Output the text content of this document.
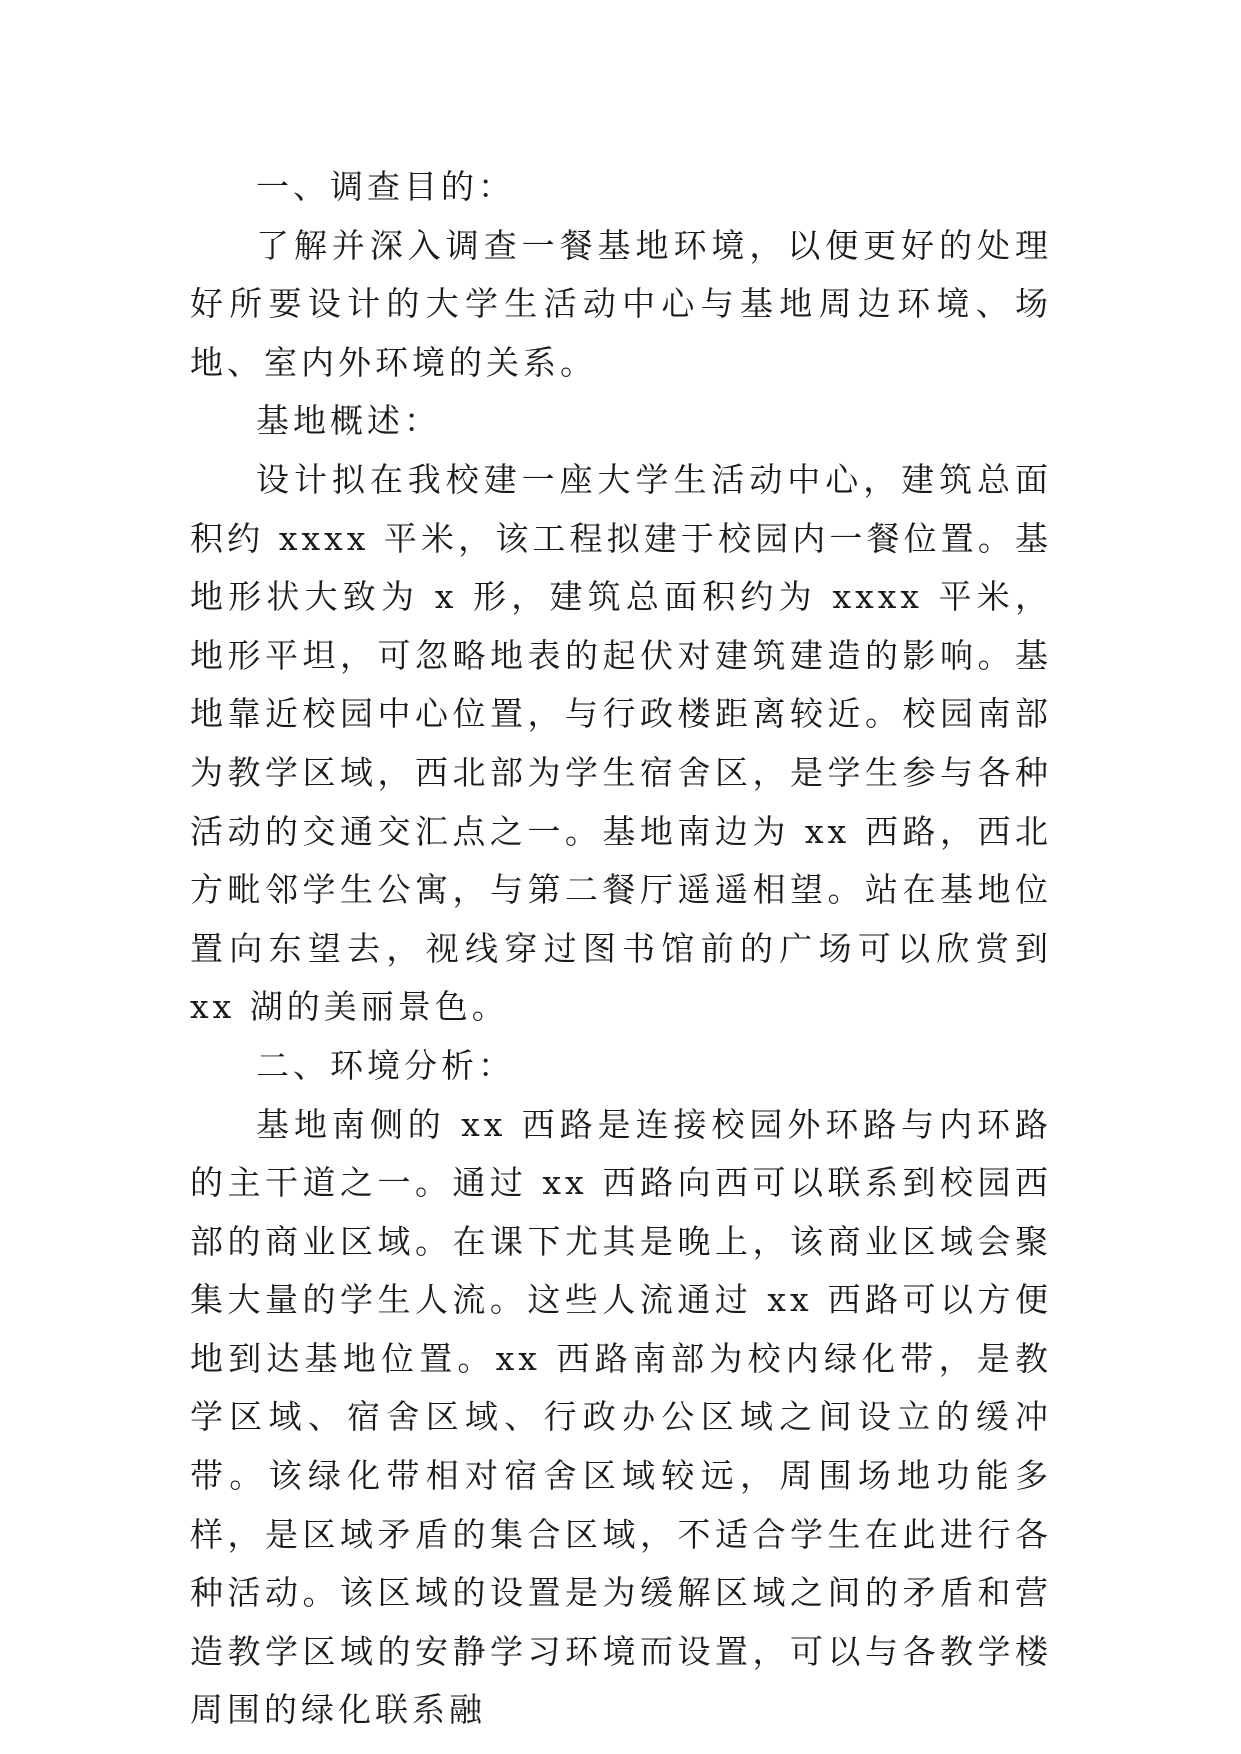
一、调查目的：

了解并深入调查一餐基地环境，以便更好的处理好所要设计的大学生活动中心与基地周边环境、场地、室内外环境的关系。

基地概述：

设计拟在我校建一座大学生活动中心，建筑总面积约 xxxx 平米，该工程拟建于校园内一餐位置。基地形状大致为 x 形，建筑总面积约为 xxxx 平米，地形平坦，可忽略地表的起伏对建筑建造的影响。基地靠近校园中心位置，与行政楼距离较近。校园南部为教学区域，西北部为学生宿舍区，是学生参与各种活动的交通交汇点之一。基地南边为 xx 西路，西北方毗邻学生公寓，与第二餐厅遥遥相望。站在基地位置向东望去，视线穿过图书馆前的广场可以欣赏到 xx 湖的美丽景色。

二、环境分析：

基地南侧的 xx 西路是连接校园外环路与内环路的主干道之一。通过 xx 西路向西可以联系到校园西部的商业区域。在课下尤其是晚上，该商业区域会聚集大量的学生人流。这些人流通过 xx 西路可以方便地到达基地位置。xx 西路南部为校内绿化带，是教学区域、宿舍区域、行政办公区域之间设立的缓冲带。该绿化带相对宿舍区域较远，周围场地功能多样，是区域矛盾的集合区域，不适合学生在此进行各种活动。该区域的设置是为缓解区域之间的矛盾和营造教学区域的安静学习环境而设置，可以与各教学楼周围的绿化联系融
